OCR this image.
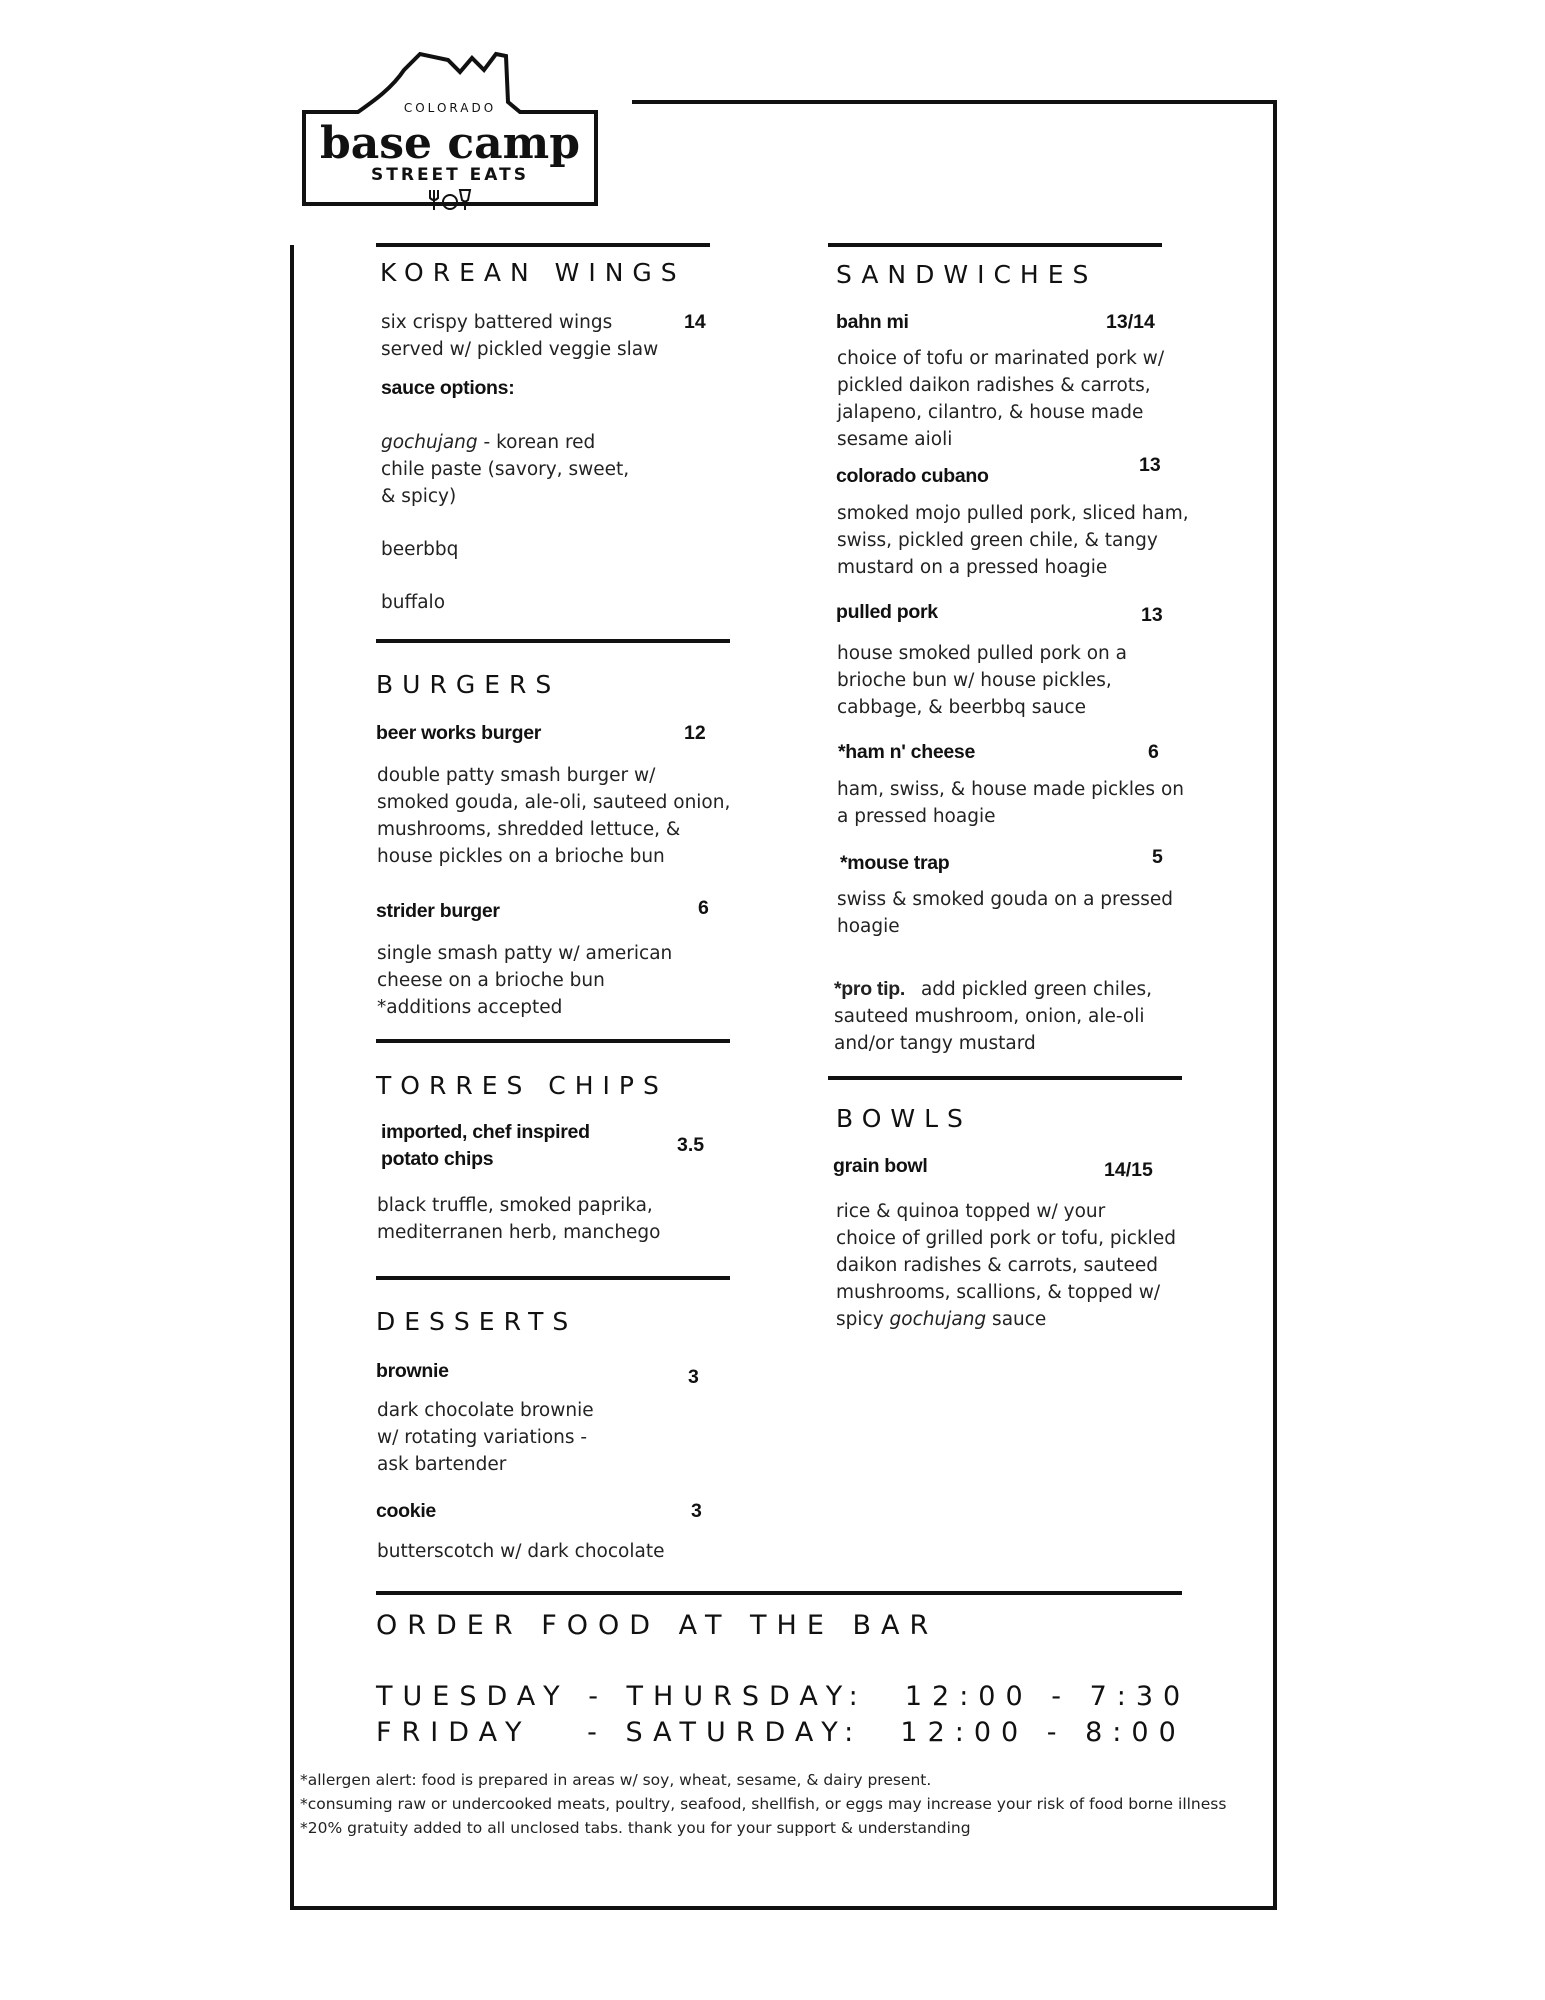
COLORADO
base camp
STREET EATS
KOREAN WINGS
six crispy battered wings
served w/ pickled veggie slaw
14
sauce options:
gochujang - korean red
chile paste (savory, sweet,
& spicy)
beerbbq
buffalo
BURGERS
beer works burger	12
double patty smash burger w/
smoked gouda, ale-oli, sauteed onion,
mushrooms, shredded lettuce, &
house pickles on a brioche bun
strider burger	6
single smash patty w/ american
cheese on a brioche bun
*additions accepted
TORRES CHIPS
imported, chef inspired
potato chips
3.5
black truffle, smoked paprika,
mediterranen herb, manchego
DESSERTS
brownie	3
dark chocolate brownie
w/ rotating variations -
ask bartender
cookie	3
butterscotch w/ dark chocolate
SANDWICHES
bahn mi	13/14
choice of tofu or marinated pork w/
pickled daikon radishes & carrots,
jalapeno, cilantro, & house made
sesame aioli
colorado cubano	13
smoked mojo pulled pork, sliced ham,
swiss, pickled green chile, & tangy
mustard on a pressed hoagie
pulled pork	13
house smoked pulled pork on a
brioche bun w/ house pickles,
cabbage, & beerbbq sauce
*ham n' cheese	6
ham, swiss, & house made pickles on
a pressed hoagie
*mouse trap	5
swiss & smoked gouda on a pressed
hoagie
*pro tip. add pickled green chiles,
sauteed mushroom, onion, ale-oli
and/or tangy mustard
BOWLS
grain bowl	14/15
rice & quinoa topped w/ your
choice of grilled pork or tofu, pickled
daikon radishes & carrots, sauteed
mushrooms, scallions, & topped w/
spicy gochujang sauce
ORDER FOOD AT THE BAR
TUESDAY - THURSDAY:  12:00 - 7:30
FRIDAY   - SATURDAY:  12:00 - 8:00
*allergen alert: food is prepared in areas w/ soy, wheat, sesame, & dairy present.
*consuming raw or undercooked meats, poultry, seafood, shellfish, or eggs may increase your risk of food borne illness
*20% gratuity added to all unclosed tabs. thank you for your support & understanding
